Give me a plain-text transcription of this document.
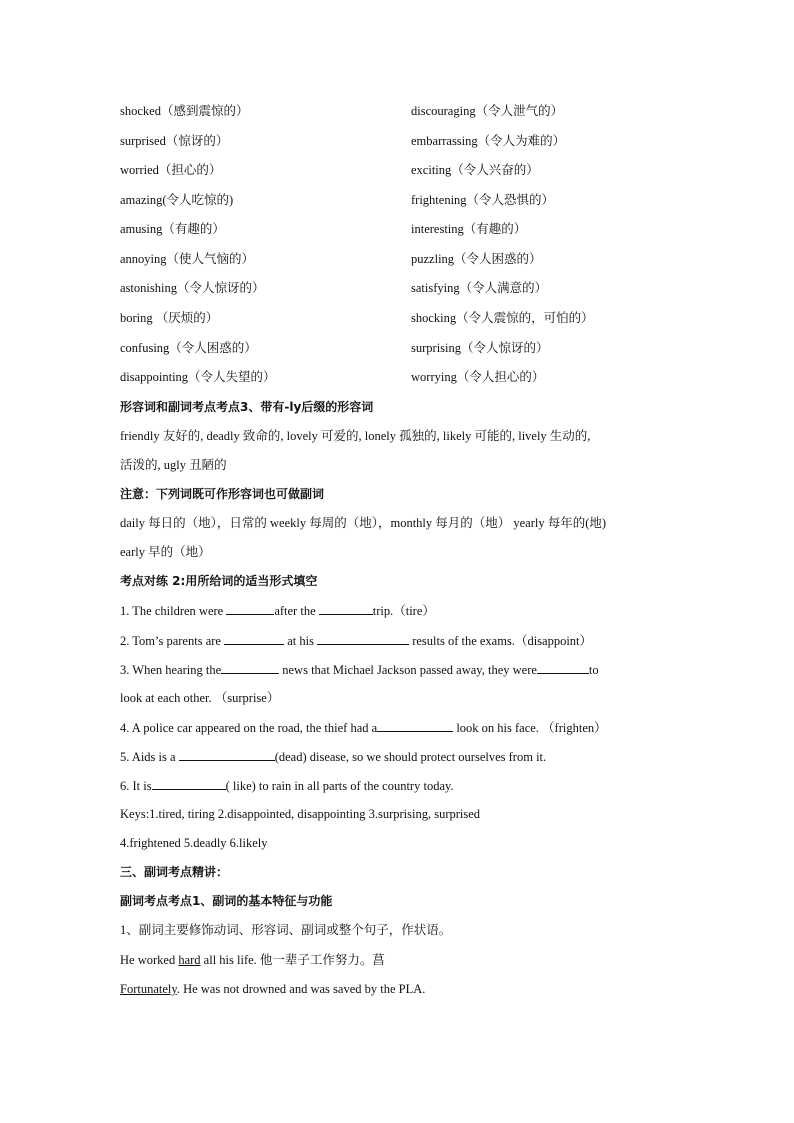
shocked（感到震惊的）	discouraging（令人泄气的）
surprised（惊讶的）	embarrassing（令人为难的）
worried（担心的）	exciting（令人兴奋的）
amazing(令人吃惊的)	frightening（令人恐惧的）
amusing（有趣的）	interesting（有趣的）
annoying（使人气恼的）	puzzling（令人困惑的）
astonishing（令人惊讶的）	satisfying（令人满意的）
boring （厌烦的）	shocking（令人震惊的，可怕的）
confusing（令人困惑的）	surprising（令人惊讶的）
disappointing（令人失望的）	worrying（令人担心的）
形容词和副词考点考点3、带有-ly后缀的形容词
friendly 友好的, deadly 致命的, lovely 可爱的, lonely 孤独的, likely 可能的, lively 生动的,
活泼的, ugly 丑陋的
注意：下列词既可作形容词也可做副词
daily 每日的（地），日常的 weekly 每周的（地），monthly 每月的（地） yearly 每年的(地)
early 早的（地）
考点对练 2:用所给词的适当形式填空
1. The children were	after the	trip.（tire）
2. Tom’s parents are	at his	results of the exams.（disappoint）
3. When hearing the	news that Michael Jackson passed away, they were	to
look at each other. （surprise）
4. A police car appeared on the road, the thief had a	look on his face. （frighten）
5. Aids is a	(dead) disease, so we should protect ourselves from it.
6. It is	( like) to rain in all parts of the country today.
Keys:1.tired, tiring 2.disappointed, disappointing 3.surprising, surprised
4.frightened 5.deadly 6.likely
三、副词考点精讲：
副词考点考点1、副词的基本特征与功能
1、副词主要修饰动词、形容词、副词或整个句子，作状语。
He worked hard all his life. 他一辈子工作努力。菖
Fortunately. He was not drowned and was saved by the PLA.
